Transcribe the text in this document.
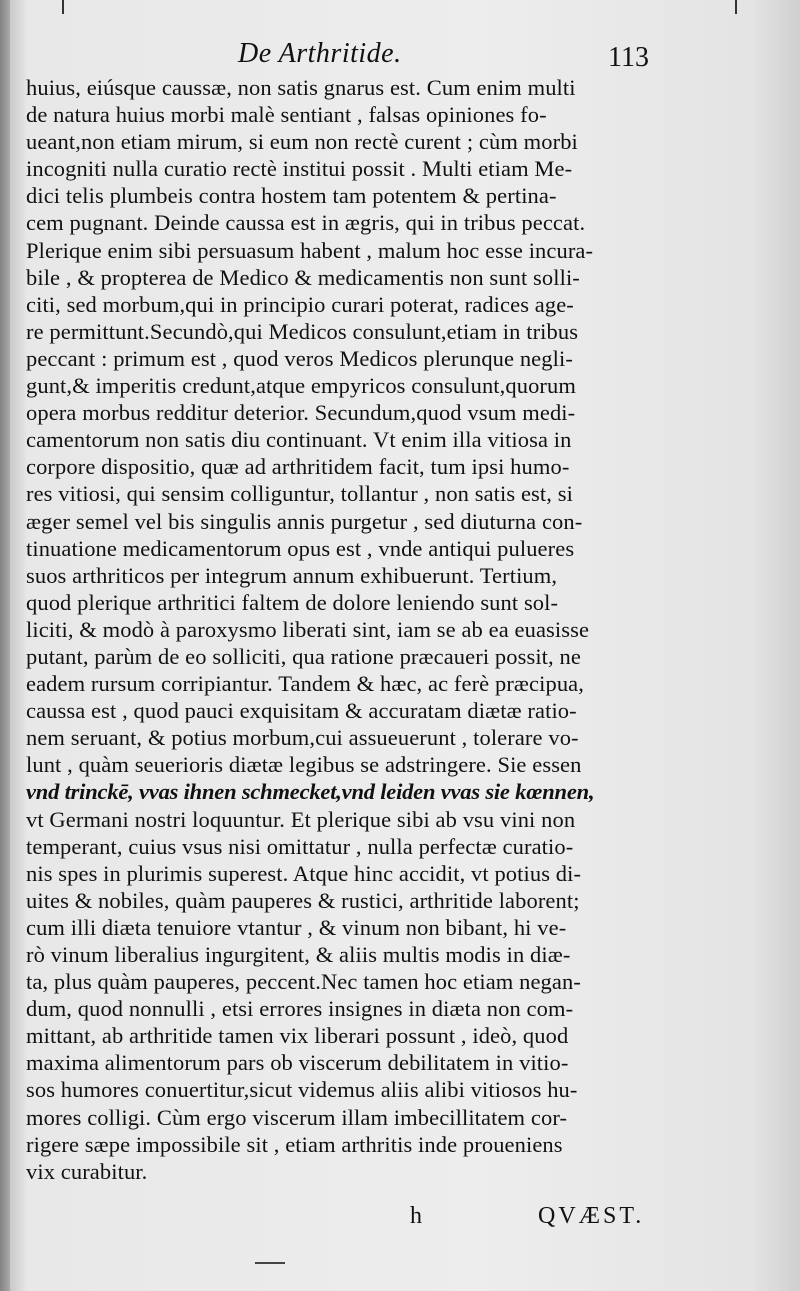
De Arthritide.	113
huius, eiúsque caussæ, non satis gnarus est. Cum enim multi
de natura huius morbi malè sentiant , falsas opiniones fo-
ueant,non etiam mirum, si eum non rectè curent ; cùm morbi
incogniti nulla curatio rectè institui possit . Multi etiam Me-
dici telis plumbeis contra hostem tam potentem & pertina-
cem pugnant. Deinde caussa est in ægris, qui in tribus peccat.
Plerique enim sibi persuasum habent , malum hoc esse incura-
bile , & propterea de Medico & medicamentis non sunt solli-
citi, sed morbum,qui in principio curari poterat, radices age-
re permittunt.Secundò,qui Medicos consulunt,etiam in tribus
peccant : primum est , quod veros Medicos plerunque negli-
gunt,& imperitis credunt,atque empyricos consulunt,quorum
opera morbus redditur deterior. Secundum,quod vsum medi-
camentorum non satis diu continuant. Vt enim illa vitiosa in
corpore dispositio, quæ ad arthritidem facit, tum ipsi humo-
res vitiosi, qui sensim colliguntur, tollantur , non satis est, si
æger semel vel bis singulis annis purgetur , sed diuturna con-
tinuatione medicamentorum opus est , vnde antiqui pulueres
suos arthriticos per integrum annum exhibuerunt. Tertium,
quod plerique arthritici faltem de dolore leniendo sunt sol-
liciti, & modò à paroxysmo liberati sint, iam se ab ea euasisse
putant, parùm de eo solliciti, qua ratione præcaueri possit, ne
eadem rursum corripiantur. Tandem & hæc, ac ferè præcipua,
caussa est , quod pauci exquisitam & accuratam diætæ ratio-
nem seruant, & potius morbum,cui assueuerunt , tolerare vo-
lunt , quàm seuerioris diætæ legibus se adstringere. Sie essen
vnd trinckē, vvas ihnen schmecket,vnd leiden vvas sie kœnnen,
vt Germani nostri loquuntur. Et plerique sibi ab vsu vini non
temperant, cuius vsus nisi omittatur , nulla perfectæ curatio-
nis spes in plurimis superest. Atque hinc accidit, vt potius di-
uites & nobiles, quàm pauperes & rustici, arthritide laborent;
cum illi diæta tenuiore vtantur , & vinum non bibant, hi ve-
rò vinum liberalius ingurgitent, & aliis multis modis in diæ-
ta, plus quàm pauperes, peccent.Nec tamen hoc etiam negan-
dum, quod nonnulli , etsi errores insignes in diæta non com-
mittant, ab arthritide tamen vix liberari possunt , ideò, quod
maxima alimentorum pars ob viscerum debilitatem in vitio-
sos humores conuertitur,sicut videmus aliis alibi vitiosos hu-
mores colligi. Cùm ergo viscerum illam imbecillitatem cor-
rigere sæpe impossibile sit , etiam arthritis inde proueniens
vix curabitur.
h	QVÆST.
